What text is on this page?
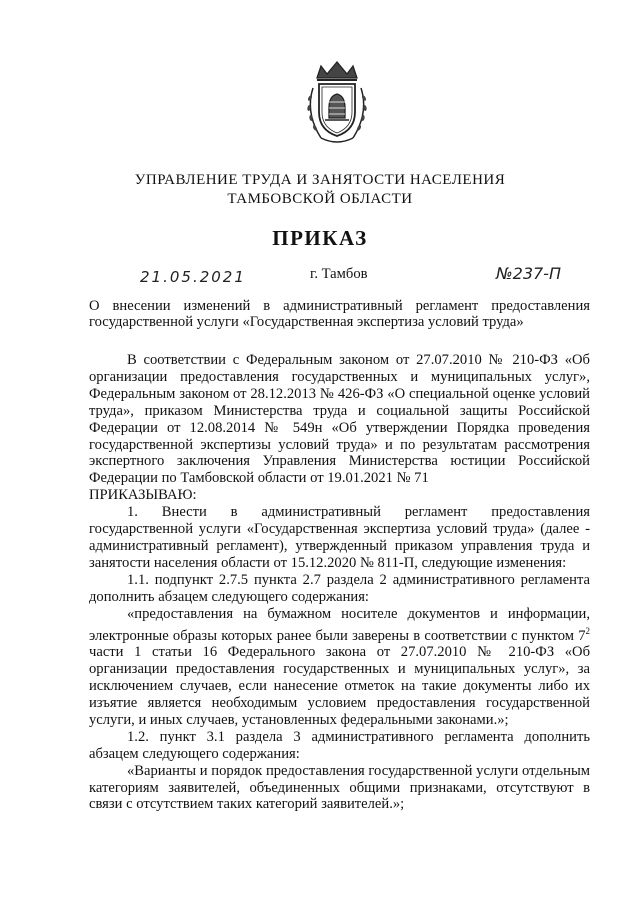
УПРАВЛЕНИЕ ТРУДА И ЗАНЯТОСТИ НАСЕЛЕНИЯ
ТАМБОВСКОЙ ОБЛАСТИ
ПРИКАЗ
21.05.2021	г. Тамбов	№237-П
О внесении изменений в административный регламент предоставления государственной услуги «Государственная экспертиза условий труда»

В соответствии с Федеральным законом от 27.07.2010 № 210-ФЗ «Об организации предоставления государственных и муниципальных услуг», Федеральным законом от 28.12.2013 № 426-ФЗ «О специальной оценке условий труда», приказом Министерства труда и социальной защиты Российской Федерации от 12.08.2014 № 549н «Об утверждении Порядка проведения государственной экспертизы условий труда» и по результатам рассмотрения экспертного заключения Управления Министерства юстиции Российской Федерации по Тамбовской области от 19.01.2021 № 71

ПРИКАЗЫВАЮ:

1. Внести в административный регламент предоставления государственной услуги «Государственная экспертиза условий труда» (далее - административный регламент), утвержденный приказом управления труда и занятости населения области от 15.12.2020 № 811-П, следующие изменения:

1.1. подпункт 2.7.5 пункта 2.7 раздела 2 административного регламента дополнить абзацем следующего содержания:

«предоставления на бумажном носителе документов и информации, электронные образы которых ранее были заверены в соответствии с пунктом $7^2$ части 1 статьи 16 Федерального закона от 27.07.2010 № 210-ФЗ «Об организации предоставления государственных и муниципальных услуг», за исключением случаев, если нанесение отметок на такие документы либо их изъятие является необходимым условием предоставления государственной услуги, и иных случаев, установленных федеральными законами.»;

1.2. пункт 3.1 раздела 3 административного регламента дополнить абзацем следующего содержания:

«Варианты и порядок предоставления государственной услуги отдельным категориям заявителей, объединенных общими признаками, отсутствуют в связи с отсутствием таких категорий заявителей.»;
